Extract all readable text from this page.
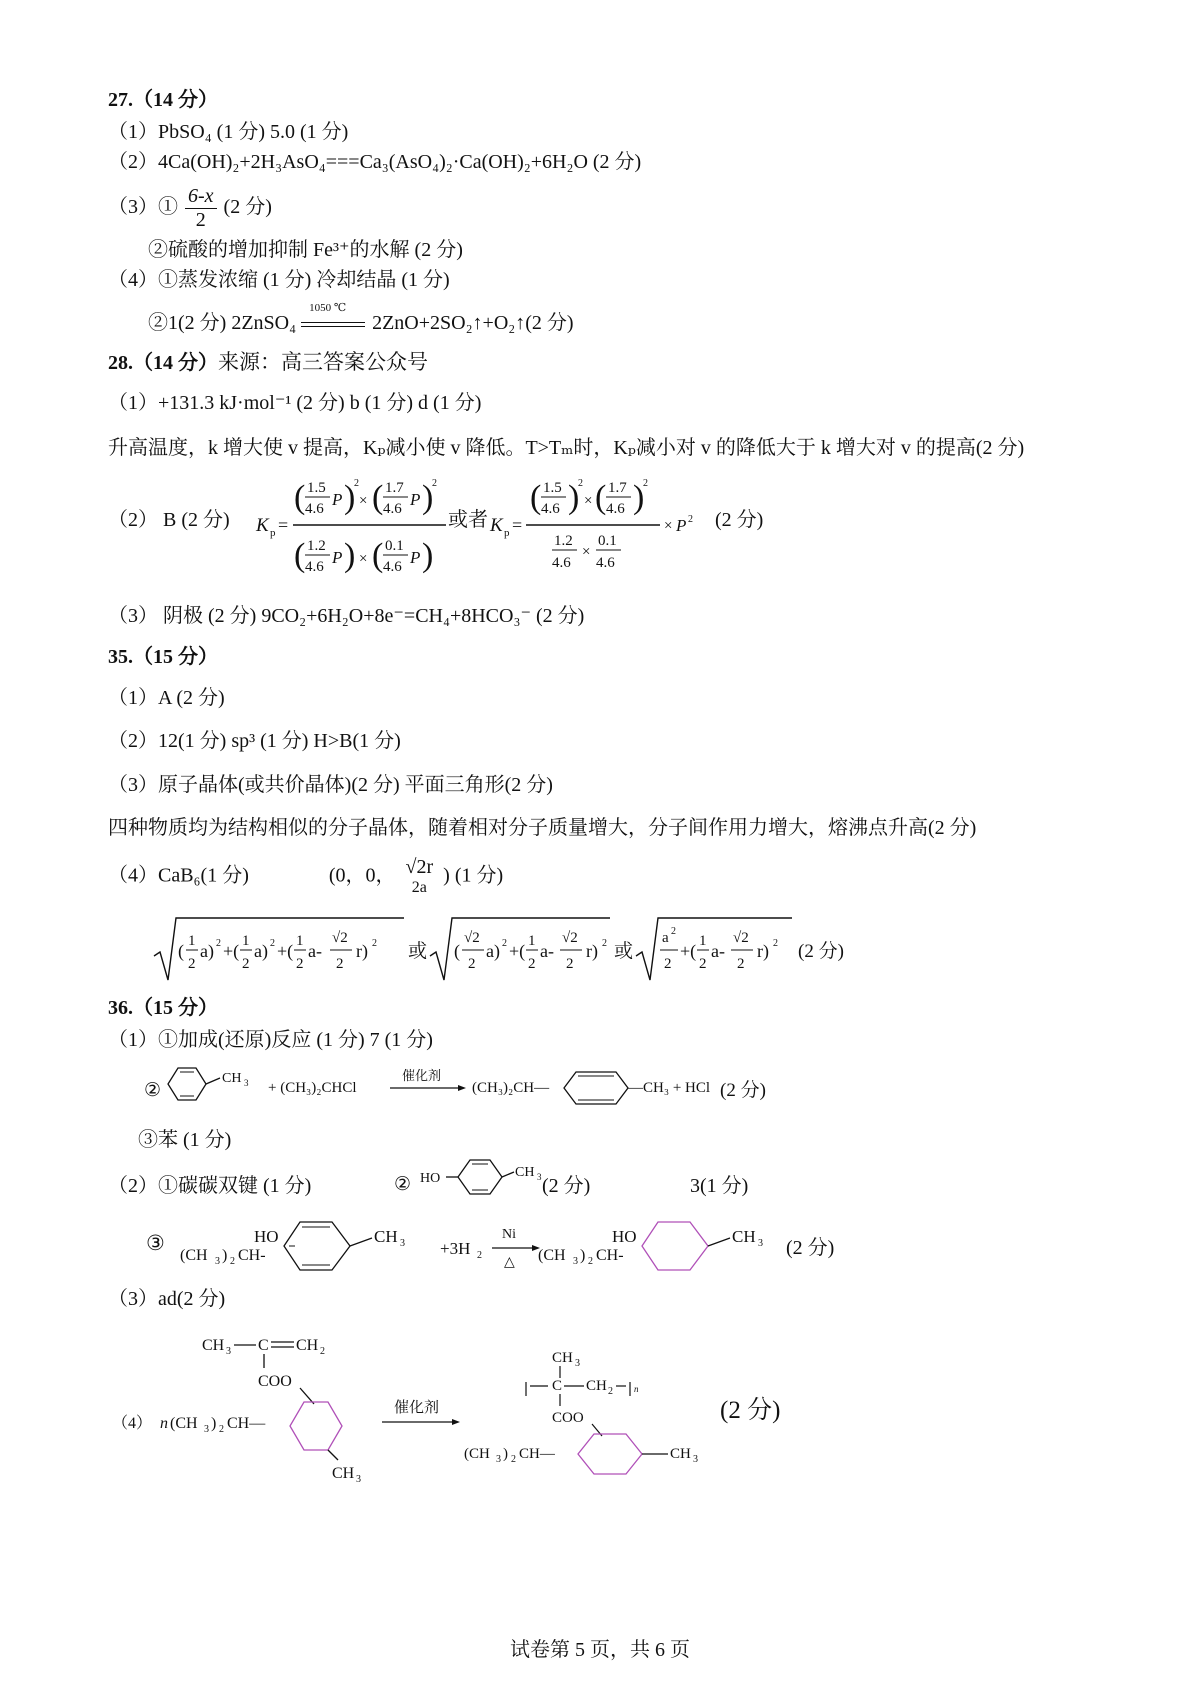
27.（14 分）
（1）PbSO₄ (1 分) 5.0 (1 分)
（2）4Ca(OH)₂+2H₃AsO₄===Ca₃(AsO₄)₂·Ca(OH)₂+6H₂O (2 分)
（3）① $\frac{6-x}{2} (2$ 分)
②硫酸的增加抑制 Fe³⁺的水解 (2 分)
（4）①蒸发浓缩 (1 分) 冷却结晶 (1 分)
②1(2 分) 2ZnSO₄
1050 ℃
2ZnO+2SO₂↑+O₂↑(2 分)
28.（14 分）来源：高三答案公众号
（1）+131.3 kJ·mol⁻¹ (2 分) b (1 分) d (1 分)
升高温度，k 增大使 v 提高，Kₚ减小使 v 降低。T>Tₘ时，Kₚ减小对 v 的降低大于 k 增大对 v 的提高(2 分)
（2） B (2 分) K p =
( 1.5
4.6 P )
2
× ( 1.7
4.6 P )
2
( 1.2
4.6 P ) × ( 0.1
4.6 P )
或者 K p =
( 1.5
4.6 )
2
× ( 1.7
4.6 )
2
1.2
4.6
×
0.1
4.6
× P 2 (2 分)
（3） 阴极 (2 分) 9CO₂+6H₂O+8e⁻=CH₄+8HCO₃⁻ (2 分)
35.（15 分）
（1）A (2 分)
（2）12(1 分) sp³ (1 分) H>B(1 分)
（3）原子晶体(或共价晶体)(2 分) 平面三角形(2 分)
四种物质均为结构相似的分子晶体，随着相对分子质量增大，分子间作用力增大，熔沸点升高(2 分)
（4）CaB₆(1 分)	(0，0， √2r
2a
) (1 分)
( 1
2
a) 2 +( 1
2
a) 2 +( 1
2
a-
√2
2
r) 2 或 (
√2
2
a) 2 +( 1
2
a-
√2
2
r) 2 或
a 2
2
+( 1
2
a-
√2
2
r) 2 (2 分)
36.（15 分）
（1）①加成(还原)反应 (1 分) 7 (1 分)
②
CH 3 + (CH₃)₂CHCl
催化剂
(CH₃)₂CH—	—CH₃ + HCl (2 分)
③苯 (1 分)
（2）①碳碳双键 (1 分)	② HO	CH 3 (2 分)	3(1 分)
③	HO
(CH 3 ) 2 CH-
CH 3 +3H 2
Ni
△
HO
(CH 3 ) 2 CH-
CH 3 (2 分)
（3）ad(2 分)
CH 3 C CH 2
COO
（4） n (CH 3 ) 2 CH—
CH 3
催化剂
CH 3
C CH 2 n
COO
(CH 3 ) 2 CH—	CH 3
(2 分)
试卷第 5 页，共 6 页
